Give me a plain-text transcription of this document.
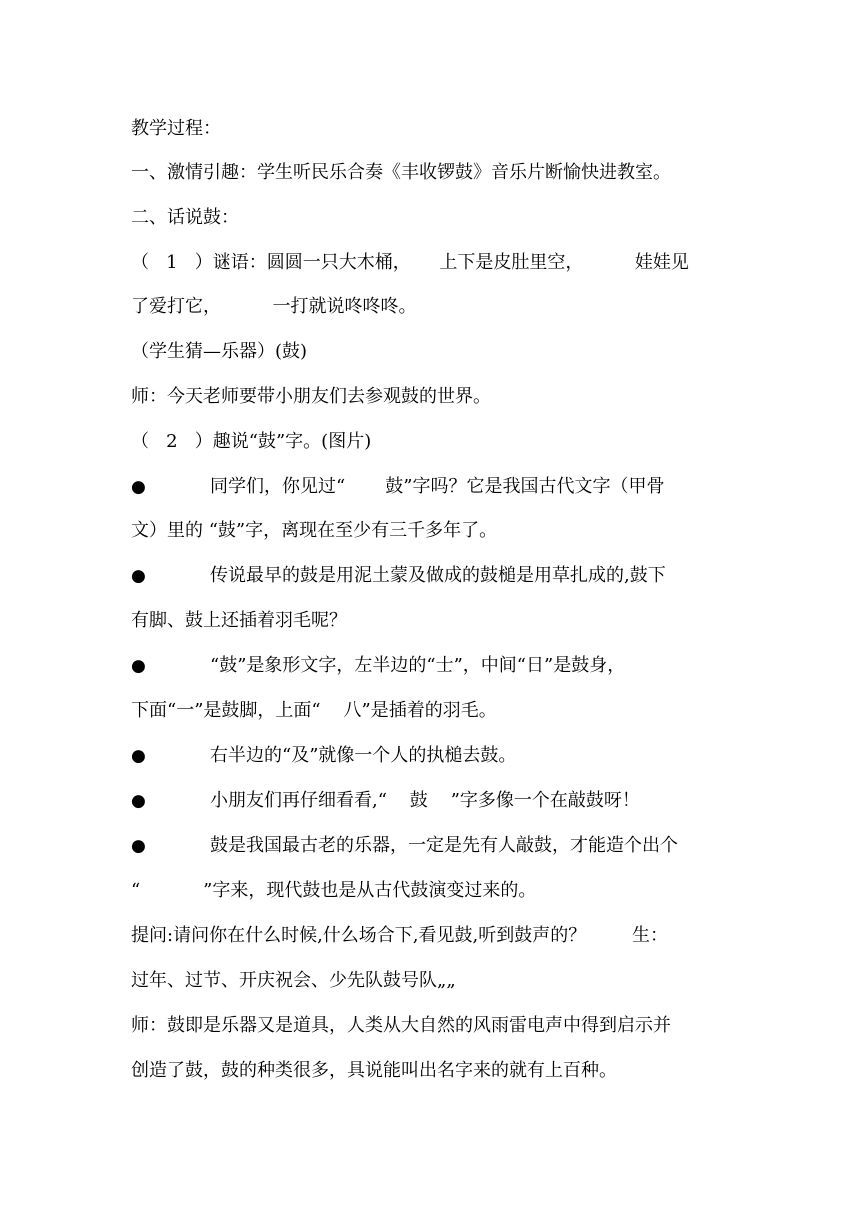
教学过程：
一、激情引趣：学生听民乐合奏《丰收锣鼓》音乐片断愉快进教室。
二、话说鼓：
（   1   ）谜语：圆圆一只大木桶，     上下是皮肚里空，         娃娃见
了爱打它，         一打就说咚咚咚。
（学生猜—乐器）(鼓)
师：今天老师要带小朋友们去参观鼓的世界。
（   2   ）趣说“鼓”字。(图片)
●	同学们，你见过“       鼓”字吗？它是我国古代文字（甲骨
文）里的 “鼓”字，离现在至少有三千多年了。
●	传说最早的鼓是用泥土蒙及做成的鼓槌是用草扎成的,鼓下
有脚、鼓上还插着羽毛呢？
●	“鼓”是象形文字，左半边的“士”，中间“日”是鼓身，
下面“一”是鼓脚，上面“    八”是插着的羽毛。
●	右半边的“及”就像一个人的执槌去鼓。
●	小朋友们再仔细看看,“    鼓    ”字多像一个在敲鼓呀！
●	鼓是我国最古老的乐器，一定是先有人敲鼓，才能造个出个
“           ”字来，现代鼓也是从古代鼓演变过来的。
提问:请问你在什么时候,什么场合下,看见鼓,听到鼓声的？        生：
过年、过节、开庆祝会、少先队鼓号队„„
师：鼓即是乐器又是道具，人类从大自然的风雨雷电声中得到启示并
创造了鼓，鼓的种类很多，具说能叫出名字来的就有上百种。
